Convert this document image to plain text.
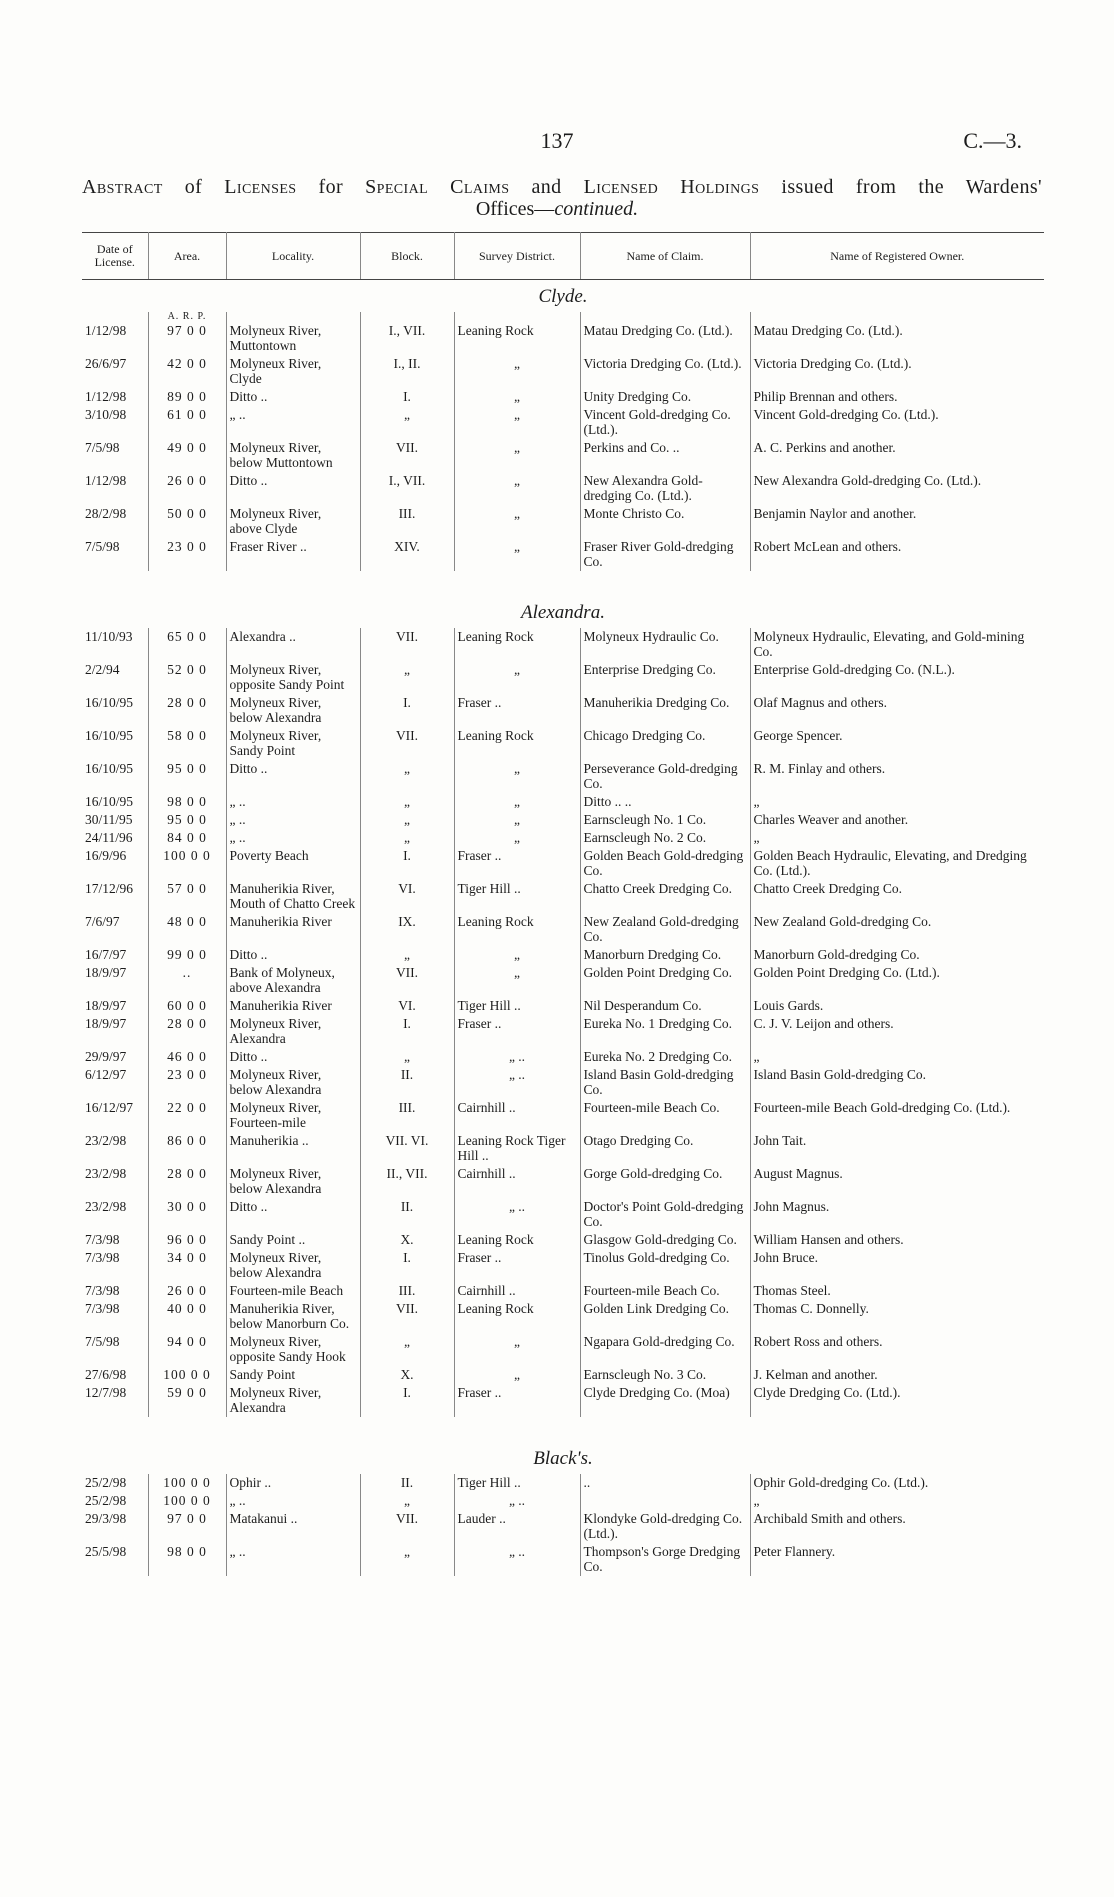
137	C.—3.
Abstract of Licenses for Special Claims and Licensed Holdings issued from the Wardens'
Offices—continued.
Date of License.	Area.	Locality.	Block.	Survey District.	Name of Claim.	Name of Registered Owner.
Clyde.						
	A. R. P.					
1/12/98	97 0 0	Molyneux River, Muttontown	I., VII.	Leaning Rock	Matau Dredging Co. (Ltd.).	Matau Dredging Co. (Ltd.).
26/6/97	42 0 0	Molyneux River, Clyde	I., II.	„	Victoria Dredging Co. (Ltd.).	Victoria Dredging Co. (Ltd.).
1/12/98	89 0 0	Ditto ..	I.	„	Unity Dredging Co.	Philip Brennan and others.
3/10/98	61 0 0	„ ..	„	„	Vincent Gold-dredging Co. (Ltd.).	Vincent Gold-dredging Co. (Ltd.).
7/5/98	49 0 0	Molyneux River, below Muttontown	VII.	„	Perkins and Co. ..	A. C. Perkins and another.
1/12/98	26 0 0	Ditto ..	I., VII.	„	New Alexandra Gold-dredging Co. (Ltd.).	New Alexandra Gold-dredging Co. (Ltd.).
28/2/98	50 0 0	Molyneux River, above Clyde	III.	„	Monte Christo Co.	Benjamin Naylor and another.
7/5/98	23 0 0	Fraser River ..	XIV.	„	Fraser River Gold-dredging Co.	Robert McLean and others.

Alexandra.						
11/10/93	65 0 0	Alexandra ..	VII.	Leaning Rock	Molyneux Hydraulic Co.	Molyneux Hydraulic, Elevating, and Gold-mining Co.
2/2/94	52 0 0	Molyneux River, opposite Sandy Point	„	„	Enterprise Dredging Co.	Enterprise Gold-dredging Co. (N.L.).
16/10/95	28 0 0	Molyneux River, below Alexandra	I.	Fraser ..	Manuherikia Dredging Co.	Olaf Magnus and others.
16/10/95	58 0 0	Molyneux River, Sandy Point	VII.	Leaning Rock	Chicago Dredging Co.	George Spencer.
16/10/95	95 0 0	Ditto ..	„	„	Perseverance Gold-dredging Co.	R. M. Finlay and others.
16/10/95	98 0 0	„ ..	„	„	Ditto .. ..	„
30/11/95	95 0 0	„ ..	„	„	Earnscleugh No. 1 Co.	Charles Weaver and another.
24/11/96	84 0 0	„ ..	„	„	Earnscleugh No. 2 Co.	„
16/9/96	100 0 0	Poverty Beach	I.	Fraser ..	Golden Beach Gold-dredging Co.	Golden Beach Hydraulic, Elevating, and Dredging Co. (Ltd.).
17/12/96	57 0 0	Manuherikia River, Mouth of Chatto Creek	VI.	Tiger Hill ..	Chatto Creek Dredging Co.	Chatto Creek Dredging Co.
7/6/97	48 0 0	Manuherikia River	IX.	Leaning Rock	New Zealand Gold-dredging Co.	New Zealand Gold-dredging Co.
16/7/97	99 0 0	Ditto ..	„	„	Manorburn Dredging Co.	Manorburn Gold-dredging Co.
18/9/97	..	Bank of Molyneux, above Alexandra	VII.	„	Golden Point Dredging Co.	Golden Point Dredging Co. (Ltd.).
18/9/97	60 0 0	Manuherikia River	VI.	Tiger Hill ..	Nil Desperandum Co.	Louis Gards.
18/9/97	28 0 0	Molyneux River, Alexandra	I.	Fraser ..	Eureka No. 1 Dredging Co.	C. J. V. Leijon and others.
29/9/97	46 0 0	Ditto ..	„	„ ..	Eureka No. 2 Dredging Co.	„
6/12/97	23 0 0	Molyneux River, below Alexandra	II.	„ ..	Island Basin Gold-dredging Co.	Island Basin Gold-dredging Co.
16/12/97	22 0 0	Molyneux River, Fourteen-mile	III.	Cairnhill ..	Fourteen-mile Beach Co.	Fourteen-mile Beach Gold-dredging Co. (Ltd.).
23/2/98	86 0 0	Manuherikia ..	VII. VI.	Leaning Rock Tiger Hill ..	Otago Dredging Co.	John Tait.
23/2/98	28 0 0	Molyneux River, below Alexandra	II., VII.	Cairnhill ..	Gorge Gold-dredging Co.	August Magnus.
23/2/98	30 0 0	Ditto ..	II.	„ ..	Doctor's Point Gold-dredging Co.	John Magnus.
7/3/98	96 0 0	Sandy Point ..	X.	Leaning Rock	Glasgow Gold-dredging Co.	William Hansen and others.
7/3/98	34 0 0	Molyneux River, below Alexandra	I.	Fraser ..	Tinolus Gold-dredging Co.	John Bruce.
7/3/98	26 0 0	Fourteen-mile Beach	III.	Cairnhill ..	Fourteen-mile Beach Co.	Thomas Steel.
7/3/98	40 0 0	Manuherikia River, below Manorburn Co.	VII.	Leaning Rock	Golden Link Dredging Co.	Thomas C. Donnelly.
7/5/98	94 0 0	Molyneux River, opposite Sandy Hook	„	„	Ngapara Gold-dredging Co.	Robert Ross and others.
27/6/98	100 0 0	Sandy Point	X.	„	Earnscleugh No. 3 Co.	J. Kelman and another.
12/7/98	59 0 0	Molyneux River, Alexandra	I.	Fraser ..	Clyde Dredging Co. (Moa)	Clyde Dredging Co. (Ltd.).

Black's.						
25/2/98	100 0 0	Ophir ..	II.	Tiger Hill ..	..	Ophir Gold-dredging Co. (Ltd.).
25/2/98	100 0 0	„ ..	„	„ ..		„
29/3/98	97 0 0	Matakanui ..	VII.	Lauder ..	Klondyke Gold-dredging Co. (Ltd.).	Archibald Smith and others.
25/5/98	98 0 0	„ ..	„	„ ..	Thompson's Gorge Dredging Co.	Peter Flannery.
